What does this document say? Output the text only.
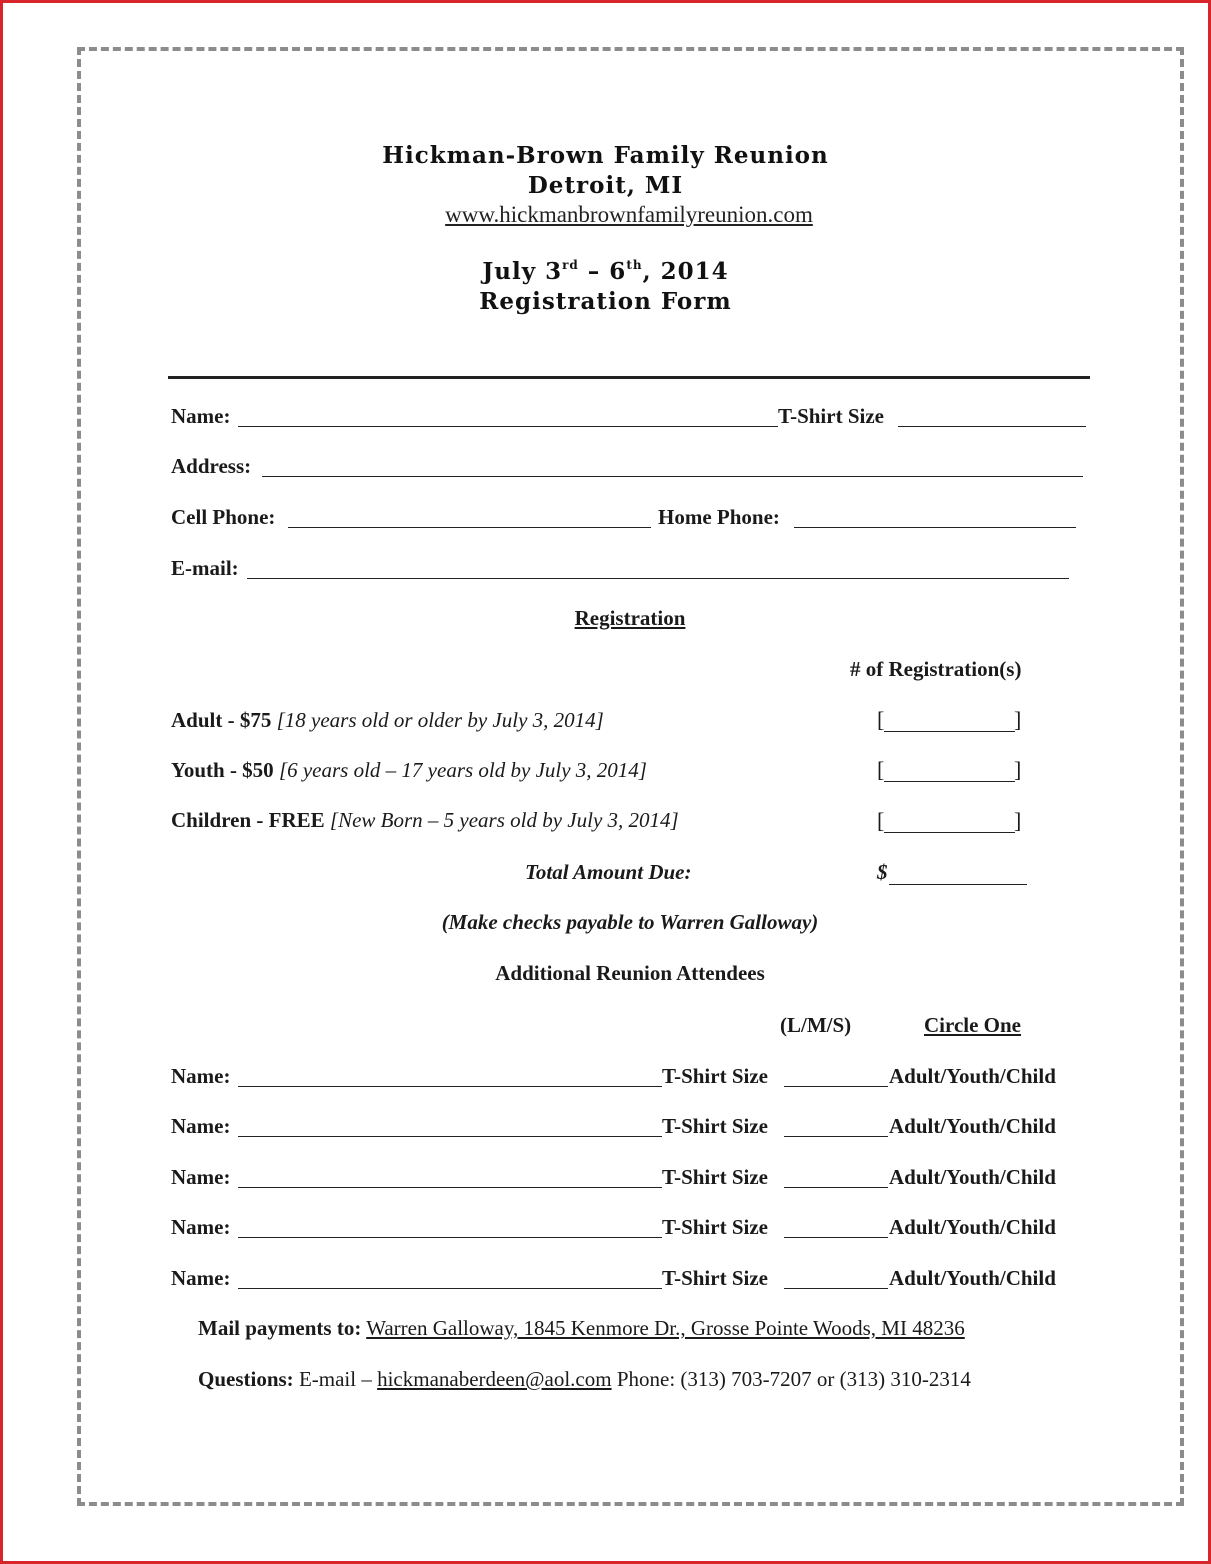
Hickman-Brown Family Reunion
Detroit, MI
www.hickmanbrownfamilyreunion.com
July 3rd – 6th, 2014
Registration Form
Name:	T-Shirt Size
Address:
Cell Phone:	Home Phone:
E-mail:
Registration
# of Registration(s)
Adult - $75 [18 years old or older by July 3, 2014]	[	]
Youth - $50 [6 years old – 17 years old by July 3, 2014]	[	]
Children - FREE [New Born – 5 years old by July 3, 2014]	[	]
Total Amount Due:	$
(Make checks payable to Warren Galloway)
Additional Reunion Attendees
(L/M/S)	Circle One
Name:	T-Shirt Size	Adult/Youth/Child
Name:	T-Shirt Size	Adult/Youth/Child
Name:	T-Shirt Size	Adult/Youth/Child
Name:	T-Shirt Size	Adult/Youth/Child
Name:	T-Shirt Size	Adult/Youth/Child
Mail payments to: Warren Galloway, 1845 Kenmore Dr., Grosse Pointe Woods, MI 48236
Questions: E-mail – hickmanaberdeen@aol.com Phone: (313) 703-7207 or (313) 310-2314
